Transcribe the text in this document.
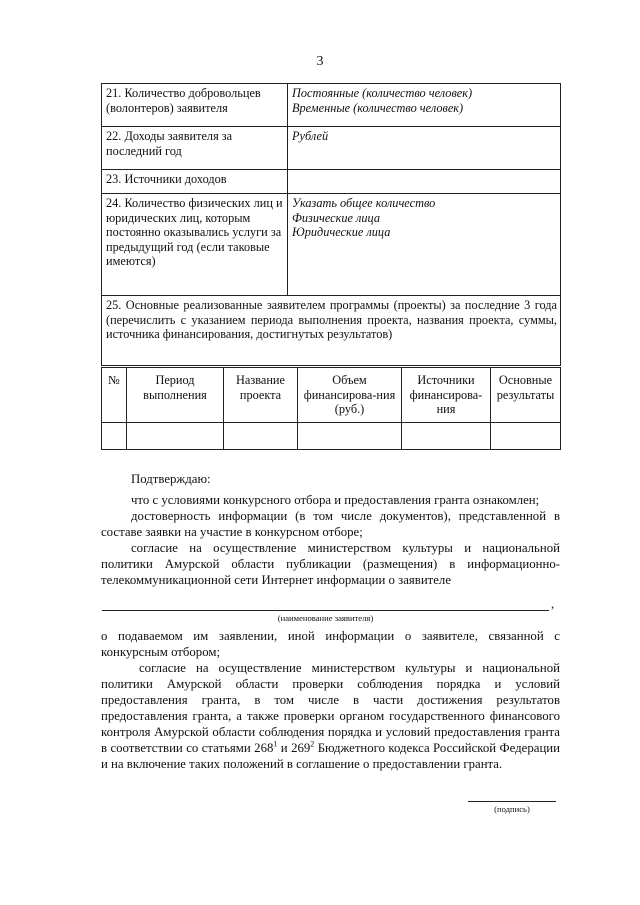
3
21. Количество добровольцев (волонтеров) заявителя	Постоянные (количество человек)
Временные (количество человек)

22. Доходы заявителя за последний год	Рублей

23. Источники доходов	
24. Количество физических лиц и юридических лиц, которым постоянно оказывались услуги за предыдущий год (если таковые имеются)	Указать общее количество
Физические лица
Юридические лица

25. Основные реализованные заявителем программы (проекты) за последние 3 года (перечислить с указанием периода выполнения проекта, названия проекта, суммы, источника финансирования, достигнутых результатов)	
№	Период выполнения	Название проекта	Объем финансирова-ния (руб.)	Источники финансирова-ния	Основные результаты

Подтверждаю:

что с условиями конкурсного отбора и предоставления гранта ознакомлен;

достоверность информации (в том числе документов), представленной в составе заявки на участие в конкурсном отборе;

согласие на осуществление министерством культуры и национальной политики Амурской области публикации (размещения) в информационно-телекоммуникационной сети Интернет информации о заявителе

,
(наименование заявителя)

о подаваемом им заявлении, иной информации о заявителе, связанной с конкурсным отбором;

согласие на осуществление министерством культуры и национальной политики Амурской области проверки соблюдения порядка и условий предоставления гранта, в том числе в части достижения результатов предоставления гранта, а также проверки органом государственного финансового контроля Амурской области соблюдения порядка и условий предоставления гранта в соответствии со статьями $268^1$ и $269^2$ Бюджетного кодекса Российской Федерации и на включение таких положений в соглашение о предоставлении гранта.

(подпись)
